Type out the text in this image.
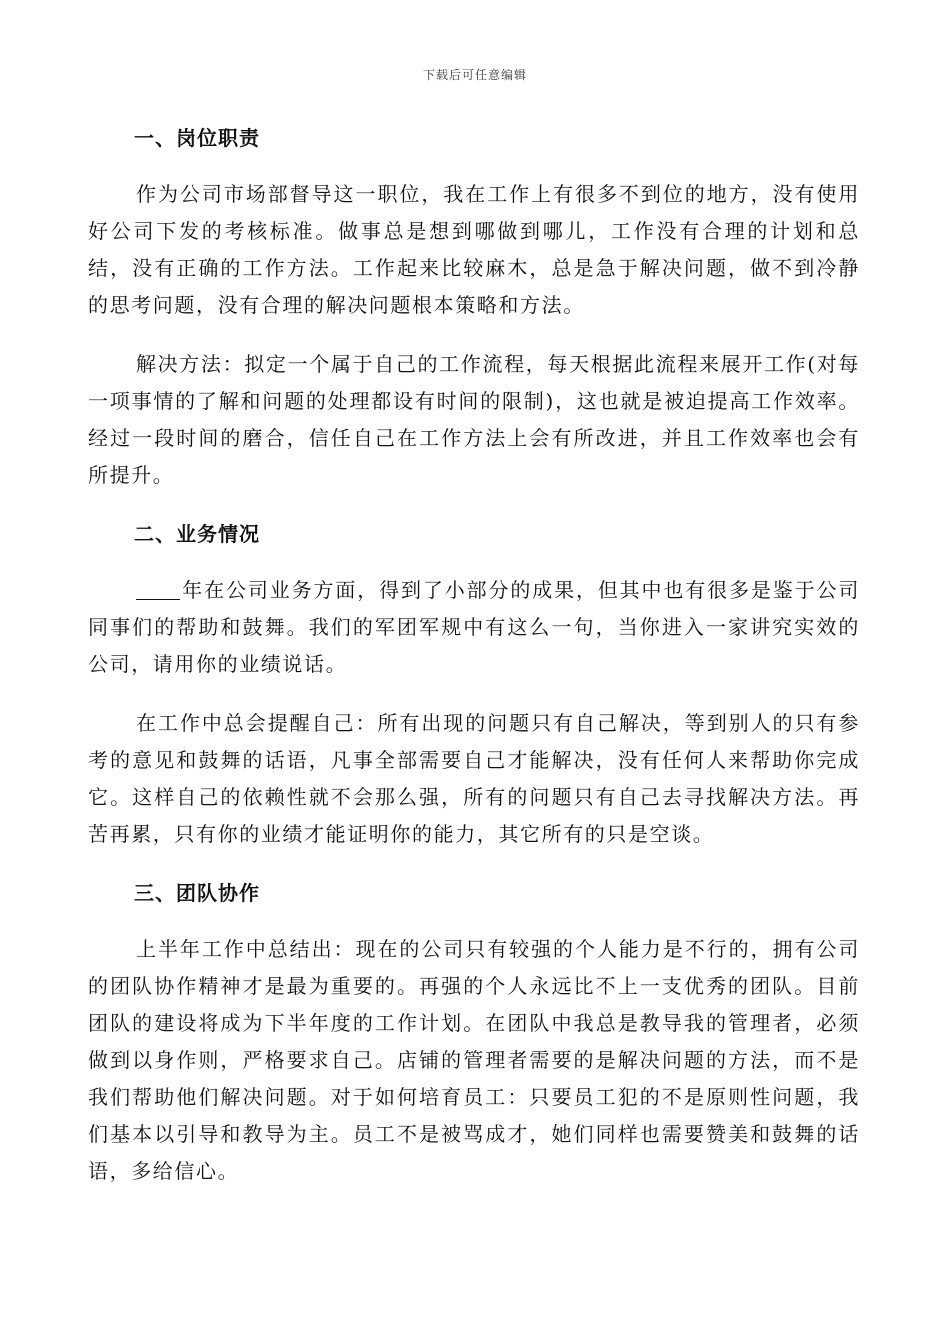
下载后可任意编辑
一、岗位职责

作为公司市场部督导这一职位，我在工作上有很多不到位的地方，没有使用好公司下发的考核标准。做事总是想到哪做到哪儿，工作没有合理的计划和总结，没有正确的工作方法。工作起来比较麻木，总是急于解决问题，做不到冷静的思考问题，没有合理的解决问题根本策略和方法。

解决方法：拟定一个属于自己的工作流程，每天根据此流程来展开工作(对每一项事情的了解和问题的处理都设有时间的限制)，这也就是被迫提高工作效率。经过一段时间的磨合，信任自己在工作方法上会有所改进，并且工作效率也会有所提升。

二、业务情况

年在公司业务方面，得到了小部分的成果，但其中也有很多是鉴于公司同事们的帮助和鼓舞。我们的军团军规中有这么一句，当你进入一家讲究实效的公司，请用你的业绩说话。

在工作中总会提醒自己：所有出现的问题只有自己解决，等到别人的只有参考的意见和鼓舞的话语，凡事全部需要自己才能解决，没有任何人来帮助你完成它。这样自己的依赖性就不会那么强，所有的问题只有自己去寻找解决方法。再苦再累，只有你的业绩才能证明你的能力，其它所有的只是空谈。

三、团队协作

上半年工作中总结出：现在的公司只有较强的个人能力是不行的，拥有公司的团队协作精神才是最为重要的。再强的个人永远比不上一支优秀的团队。目前团队的建设将成为下半年度的工作计划。在团队中我总是教导我的管理者，必须做到以身作则，严格要求自己。店铺的管理者需要的是解决问题的方法，而不是我们帮助他们解决问题。对于如何培育员工：只要员工犯的不是原则性问题，我们基本以引导和教导为主。员工不是被骂成才，她们同样也需要赞美和鼓舞的话语，多给信心。
